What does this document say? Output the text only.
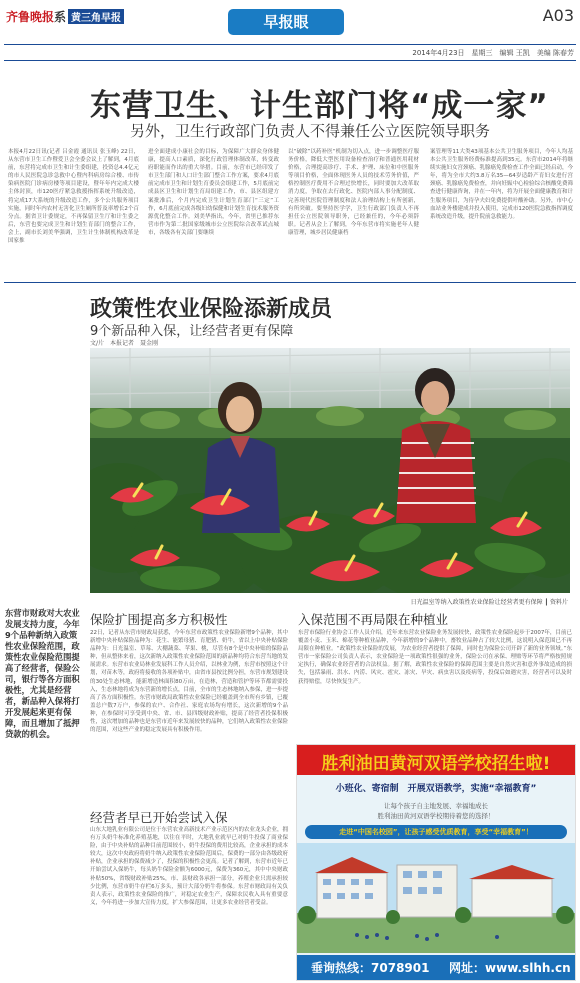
齐鲁晚报系 黄三角早报	早报眼	A03
2014年4月23日　星期三　编辑 王凯　美编 陈春芳
东营卫生、计生部门将“成一家”
另外，卫生行政部门负责人不得兼任公立医院领导职务
本报4月22日讯(记者 吕金霞 通讯员 张玉峰) 22日，从东营市卫生工作暨爱卫会全委会议上了解到，4月底前，东营将完成市卫生和计生委组建，投资总4.4亿元的市人民医院急诊急救中心暨内科病房综合楼、市传染病医院门诊病房楼等项目建设，暨年年内完成大楼主体封顶，市120医疗紧急救援指挥系统升级改造，将完成17大系统的升级改造工作，多个公共服务项目实施，同时年内农村无害化卫生厕所普及率增长2个百分点。据省卫计委规定，不再保留卫生厅和计生委之后，东营也要完成卫生和计划生育部门的整合工作，会上，副市长刘美华强调，卫生计生体制机构改革是国家推
进全面建成小康社会的目标，为保障广大群众身体健康，提高人口素质，深化行政管理体制改革，转变政府职能而作出的重大举措。目前，东营市已经印发了市卫生部门和人口计生部门整合工作方案，要求4月底前完成市卫生和计划生育委员会组建工作，5月底前完成县区卫生和计划生育局组建工作，市、县区组建方案批准后，个月内完成卫生计划生育部门“三定”工作，6月底前完成各级妇幼保健和计划生育技术服务资源优化整合工作。刘美华指出，今年，省里已推荐东营市作为第二批国家级城市公立医院综合改革试点城市，各级各有关部门要继续
以“破除”以药补医“机制为切入点，进一步调整医疗服务价格，降低大型医用设备检查治疗和普通医用耗材价格，合理提高诊疗、手术、护理、床位和中医服务等项目价格，全面体现医务人员的技术劳务价值，严格控制医疗费用不合理过快增长，同时要加大改革取消力度，争取在去行政化、医院内部人事分配制度、完善现代医院管理制度和法人治理结构上有所创新，有所突破。要坚持医学学，卫生行政部门负责人不再担任公立医院领导职务，已经兼任的，今年必须辞职。记者从会上了解到，今年东营市将实施老年人健康管理，城乡居民健康档
案管理等11大类43项基本公共卫生服务项目，今年人均基本公共卫生服务经费标准提高到35元。东营市2014年将继续实施妇女宫颈癌、乳腺癌免费检查工作全面已经启动，今年，将为全市大约3.8万名35—64岁适龄产育妇女进行宫颈癌、乳腺癌免费检查，并向妊娠中心检验综合核酸免费筛查进行健康咨询，并在一年内，将为开展全面健康教育和计生服务项目，为待孕夫妇免费提供叶酸补助。另外，市中心血站业务楼建成并投入使用，完成市120医院急救指挥调度系统改造升级，提升院前急救能力。
政策性农业保险添新成员
9个新品种入保，让经营者更有保障
文/片　本报记者　聂金刚
日光温室等纳入政策性农业保险让经营者更有保障 ┃ 资料片
东营市财政对大农业发展支持力度，今年9个品种新纳入政策性农业保险范围，政策性农业保险范围提高了经营者，保险公司，银行等各方面积极性，尤其是经营者，新品种入保将打开发展起来更有保障，而且增加了抵押贷款的机会。
保险扩围提高多方积极性
22日，记者从东营市财政局获悉，今年东营市政策性农业保险新增9个品种，其中新增中央补贴保险品种为：花生、能繁母猪、育肥猪、奶牛，省以上中央补贴保险品种为：日光温室、草莓、大棚蔬菜、苹果、桃，尽管有8个是中央补贴的保险品种，但从整体来看，这次新纳入政策性农业保险范围的新品种均符合东营当地的发展需求。东营市农业局林业发展科工作人员介绍，以林业为例，东营市按照这个计划，对苗木等，政府将接收的各项补贴中，由省市县按比例分担，东营市规划建设的30处生态林地，能新增造林面积80万亩，在造林，营造和管护等环节都需要投入，生态林地将成为东营新的增长点，目前，全市的生态林地纳入参保，进一步提高了各方面积极性。东营市财政局政策性农业保险已经覆盖到全市所有乡镇，已覆盖总户数7万户，参保的农户、合作社、家庭农场均有增长，这次新增的9个品种，在参保时可享受到中央、省、市、县四级财政补贴，提高了经营者投保积极性，这次增加的品种也是东营市近年来发展较快的品种，它们纳入政策性农业保险的范围，对这些产业的稳定发展具有积极作用。
经营者早已开始尝试入保
山东大地乳业有限公司是位于东营农业高新技术产业示范区内的农业龙头企业，拥有万头奶牛标准化养殖基地，以往在平时，大地乳业就早已对奶牛投保了商业保险，由于中央补贴的品种目前范围较小，奶牛投保的费用比较高，企业承担的成本较大，这次中央政府将奶牛纳入政策性农业保险范围后，保费的一部分由各级政府补贴，企业承担的保费减少了，投保的积极性会更高。记者了解到，东营市近年已开始尝试入保奶牛，每头奶牛保险金额为6000元，保费为360元，其中中央财政补贴50%，省级财政补贴25%，市、县财政各承担一部分，养殖企业只需承担较少比例，东营市奶牛存栏6万多头，预计大部分奶牛将参保。东营市财政局有关负责人表示，政策性农业保险的推广，对稳定农业生产，保障农民收入具有重要意义，今年将进一步加大宣传力度，扩大参保范围，让更多农业经营者受益。
入保范围不再局限在种植业
东营市保险行业协会工作人员介绍，近年来东营农业保险业务发展较快，政策性农业保险起步于2007年，目前已覆盖小麦、玉米、棉花等种植业品种，今年新增的9个品种中，畜牧业品种占了较大比例，这说明入保范围已不再局限在种植业。“政策性农业保险的发展，为农业经营者提供了保障，同时也为保险公司开辟了新的业务领域。”东营市一家保险公司负责人表示，农业保险是一项政策性很强的业务，保险公司在承保、理赔等环节将严格按照规定执行，确保农业经营者的合法权益。据了解，政策性农业保险的保障范围主要是自然灾害和意外事故造成的损失，包括暴雨、洪水、内涝、风灾、雹灾、冻灾、旱灾、病虫害以及疫病等，投保后如遇灾害，经营者可以及时获得赔偿，尽快恢复生产。
胜利油田黄河双语学校招生啦!
小班化、寄宿制　开展双语教学，实施“幸福教育”
让每个孩子自主地发展、幸福地成长
胜利油田黄河双语学校期待着您的选择！
走进“中国名校园”，让孩子感受优质教育，享受“幸福教育”！
垂询热线：7078901 网址：www.slhh.cn
